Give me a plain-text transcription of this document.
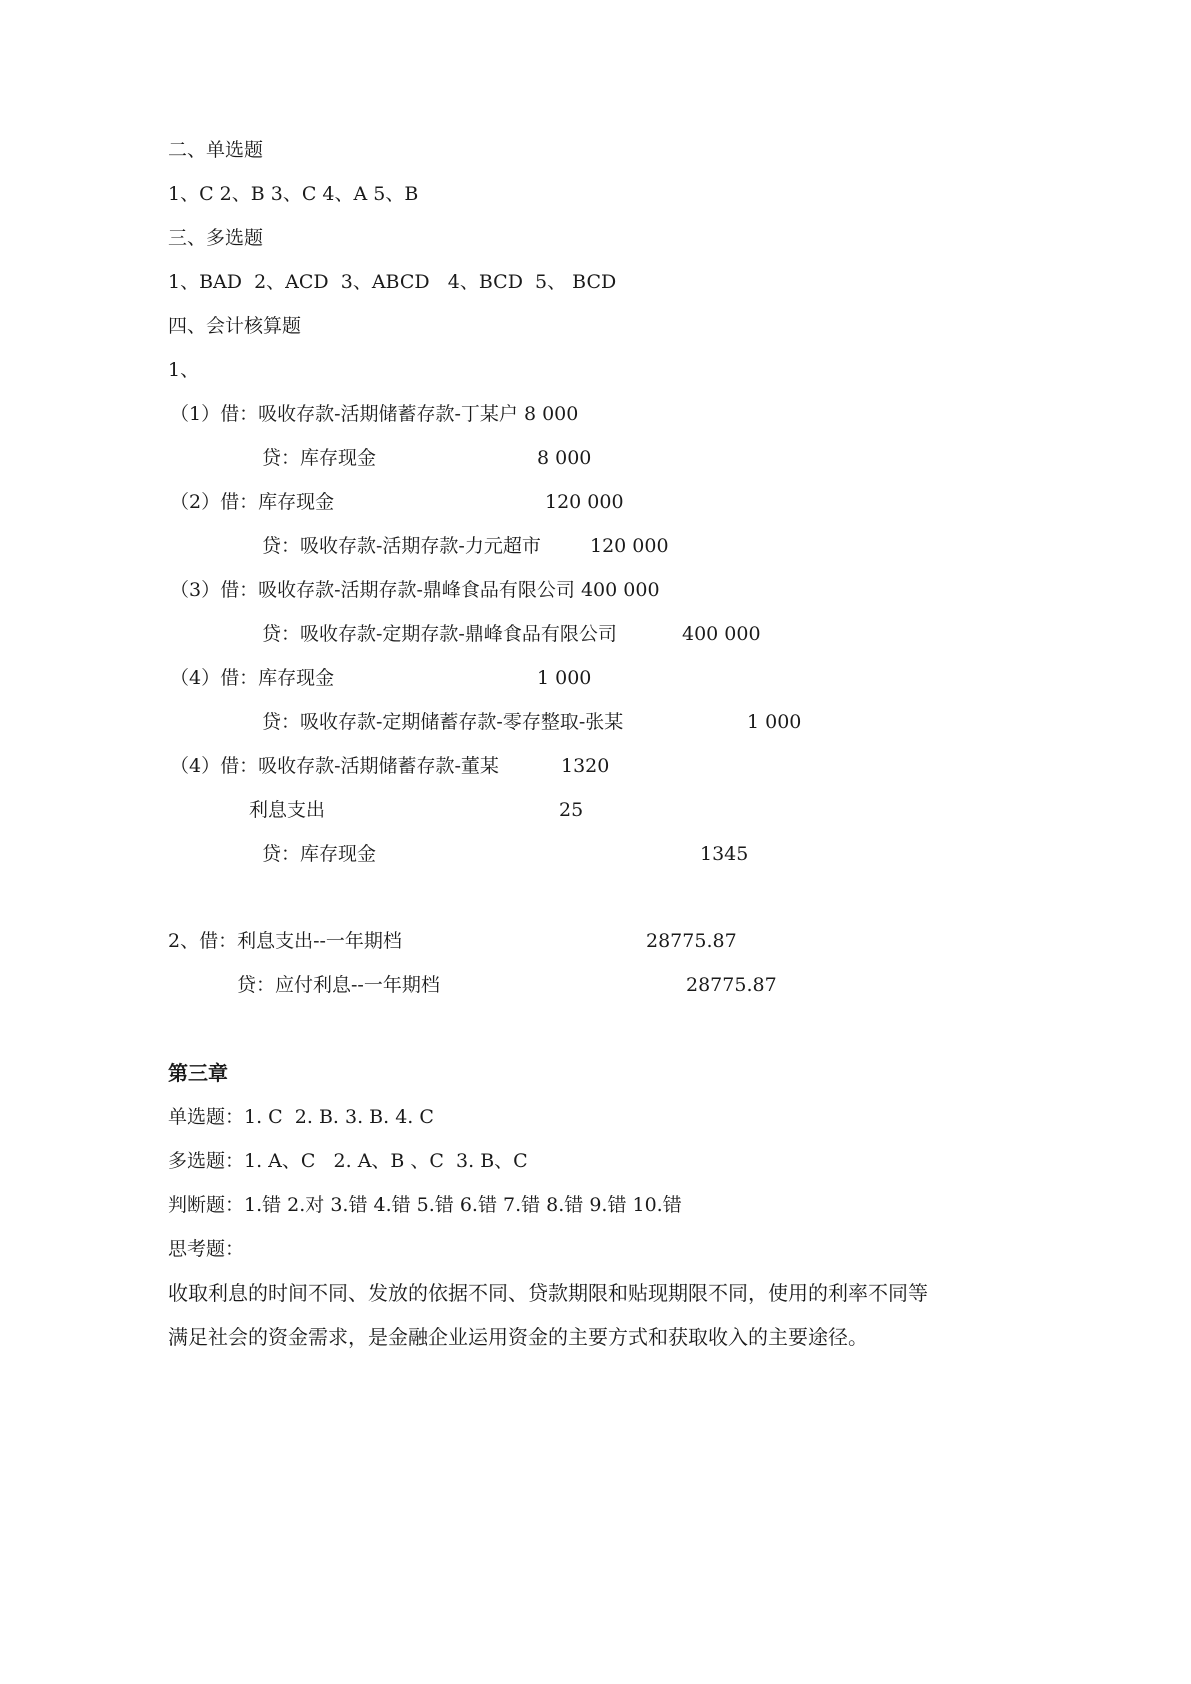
二、单选题
1、C 2、B 3、C 4、A 5、B
三、多选题
1、BAD  2、ACD  3、ABCD   4、BCD  5、 BCD
四、会计核算题
1、
（1）借：吸收存款-活期储蓄存款-丁某户 8 000
贷：库存现金	8 000
（2）借：库存现金	120 000
贷：吸收存款-活期存款-力元超市	120 000
（3）借：吸收存款-活期存款-鼎峰食品有限公司 400 000
贷：吸收存款-定期存款-鼎峰食品有限公司	400 000
（4）借：库存现金	1 000
贷：吸收存款-定期储蓄存款-零存整取-张某	1 000
（4）借：吸收存款-活期储蓄存款-董某	1320
利息支出	25
贷：库存现金	1345
2、借：利息支出--一年期档	28775.87
贷：应付利息--一年期档	28775.87
第三章
单选题：1. C  2. B. 3. B. 4. C
多选题：1. A、C   2. A、B 、C  3. B、C
判断题：1.错 2.对 3.错 4.错 5.错 6.错 7.错 8.错 9.错 10.错
思考题：
收取利息的时间不同、发放的依据不同、贷款期限和贴现期限不同，使用的利率不同等
满足社会的资金需求，是金融企业运用资金的主要方式和获取收入的主要途径。
